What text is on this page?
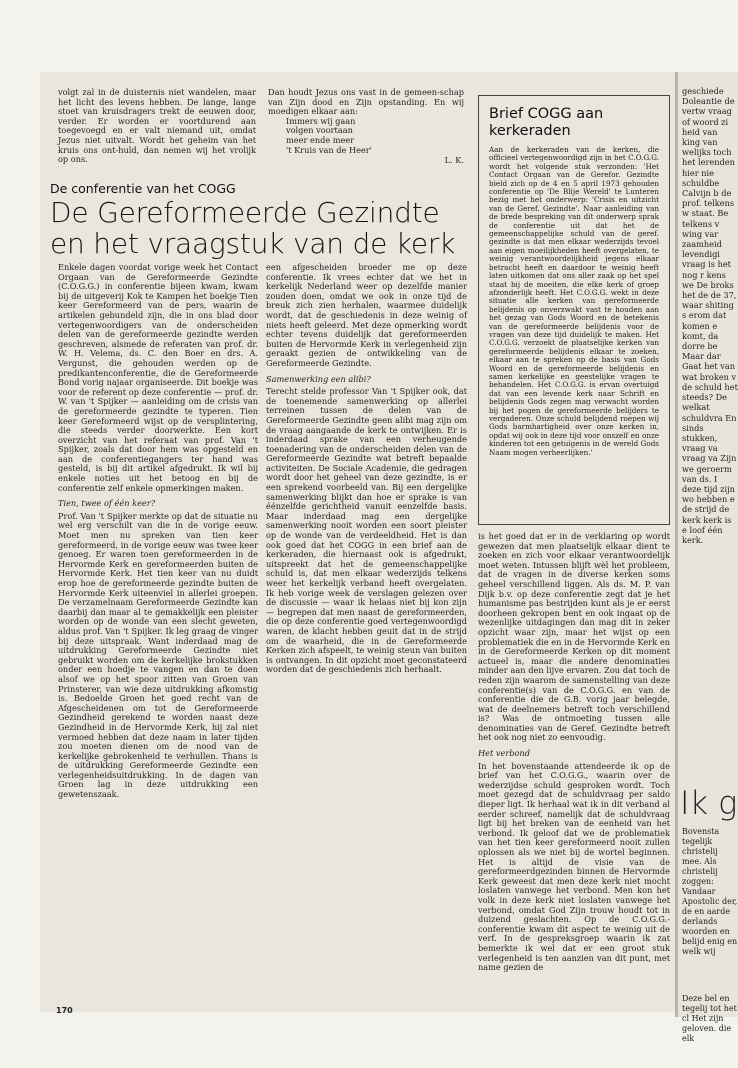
volgt zal in de duisternis niet wandelen, maar het licht des levens hebben. De lange, lange stoet van kruisdragers trekt de eeuwen door, verder. Er worden er voortdurend aan toegevoegd en er valt niemand uit, omdat Jezus niet uitvalt. Wordt het geheim van het kruis ons ont-huld, dan nemen wij het vrolijk op ons.
Dan houdt Jezus ons vast in de gemeen-schap van Zijn dood en Zijn opstanding. En wij moedigen elkaar aan:

Immers wij gaan

volgen voortaan

meer ende meer

't Kruis van de Heer'

L. K.
De conferentie van het COGG
De Gereformeerde Gezindte en het vraagstuk van de kerk
Enkele dagen voordat vorige week het Contact Orgaan van de Gereformeerde Gezindte (C.O.G.G.) in conferentie bijeen kwam, kwam bij de uitgeverij Kok te Kampen het boekje Tien keer Gereformeerd van de pers, waarin de artikelen gebundeld zijn, die in ons blad door vertegenwoordigers van de onderscheiden delen van de gereformeerde gezindte werden geschreven, alsmede de referaten van prof. dr. W. H. Velema, ds. C. den Boer en drs. A. Vergunst, die gehouden werden op de predikantenconferentie, die de Gereformeerde Bond vorig najaar organiseerde. Dit boekje was voor de referent op deze conferentie — prof. dr. W. van 't Spijker — aanleiding om de crisis van de gereformeerde gezindte te typeren. Tien keer Gereformeerd wijst op de versplintering, die steeds verder doorwerkte. Een kort overzicht van het referaat van prof. Van 't Spijker, zoals dat door hem was opgesteld en aan de conferentiegangers ter hand was gesteld, is bij dit artikel afgedrukt. Ik wil bij enkele noties uit het betoog en bij de conferentie zelf enkele opmerkingen maken.
Tien, twee of één keer?
Prof. Van 't Spijker merkte op dat de situatie nu wel erg verschilt van die in de vorige eeuw. Moet men nu spreken van tien keer gereformeerd, in de vorige eeuw was twee keer genoeg. Er waren toen gereformeerden in de Hervormde Kerk en gereformeerden buiten de Hervormde Kerk. Het tien keer van nu duidt erop hoe de gereformeerde gezindte buiten de Hervormde Kerk uiteenviel in allerlei groepen. De verzamelnaam Gereformeerde Gezindte kan daarbij dan maar al te gemakkelijk een pleister worden op de wonde van een slecht geweten, aldus prof. Van 't Spijker. Ik leg graag de vinger bij deze uitspraak. Want inderdaad mag de uitdrukking Gereformeerde Gezindte niet gebruikt worden om de kerkelijke brokstukken onder een hoedje te vangen en dan te doen alsof we op het spoor zitten van Groen van Prinsterer, van wie deze uitdrukking afkomstig is. Bedoelde Groen het goed recht van de Afgescheidenen om tot de Gereformeerde Gezindheid gerekend te worden naast deze Gezindheid in de Hervormde Kerk, hij zal niet vermoed hebben dat deze naam in later tijden zou moeten dienen om de nood van de kerkelijke gebrokenheid te verhullen. Thans is de uitdrukking Gereformeerde Gezindte een verlegenheidsuitdrukking. In de dagen van Groen lag in deze uitdrukking een gewetenszaak.
een afgescheiden broeder me op deze conferentie. Ik vrees echter dat we het in kerkelijk Nederland weer op dezelfde manier zouden doen, omdat we ook in onze tijd de breuk zich zien herhalen, waarmee duidelijk wordt, dat de geschiedenis in deze weinig of niets heeft geleerd. Met deze opmerking wordt echter tevens duidelijk dat gereformeerden buiten de Hervormde Kerk in verlegenheid zijn geraakt gezien de ontwikkeling van de Gereformeerde Gezindte.
Samenwerking een alibi?
Terecht stelde professor Van 't Spijker ook, dat de toenemende samenwerking op allerlei terreinen tussen de delen van de Gereformeerde Gezindte geen alibi mag zijn om de vraag aangaande de kerk te ontwijken. Er is inderdaad sprake van een verheugende toenadering van de onderscheiden delen van de Gereformeerde Gezindte wat betreft bepaalde activiteiten. De Sociale Academie, die gedragen wordt door het geheel van deze gezindte, is er een sprekend voorbeeld van. Bij een dergelijke samenwerking blijkt dan hoe er sprake is van éénzelfde gerichtheid vanuit eenzelfde basis. Maar inderdaad mag een dergelijke samenwerking nooit worden een soort pleister op de wonde van de verdeeldheid. Het is dan ook goed dat het COGG in een brief aan de kerkeraden, die hiernaast ook is afgedrukt, uitspreekt dat het de gemeenschappelijke schuld is, dat men elkaar wederzijds telkens weer het kerkelijk verband heeft overgelaten. Ik heb vorige week de verslagen gelezen over de discussie — waar ik helaas niet bij kon zijn — begrepen dat men naast de gereformeerden, die op deze conferentie goed vertegenwoordigd waren, de klacht hebben geuit dat in de strijd om de waarheid, die in de Gereformeerde Kerken zich afspeelt, te weinig steun van buiten is ontvangen. In dit opzicht moet geconstateerd worden dat de geschiedenis zich herhaalt.
Brief COGG aan kerkeraden
Aan de kerkeraden van de kerken, die officieel vertegenwoordigd zijn in het C.O.G.G. wordt het volgende stuk verzonden: 'Het Contact Orgaan van de Gerefor. Gezindte bield zich op de 4 en 5 april 1973 gehouden conferentie op 'De Blije Wereld' te Lunteren bezig met het onderwerp: 'Crisis en uitzicht van de Geref. Gezindte'. Naar aanleiding van de brede bespreking van dit onderwerp sprak de conferentie uit dat het de gemeenschappelijke schuld van de geref. gezindte is dat men elkaar wederzijds tevoel aan eigen moeilijkheden heeft overgelaten, te weinig verantwoordelijkheid jegens elkaar betracht heeft en daardoor te weinig heeft laten uitkomen dat ons aller zaak op het spel staat bij de moeiten, die elke kerk of groep afzonderlijk heeft. Het C.O.G.G. wekt in deze situatie alle kerken van gereformeerde belijdenis op onverzwakt vast te houden aan het gezag van Gods Woord en de betekenis van de gereformeerde belijdenis voor de vragen van deze tijd duidelijk te maken. Het C.O.G.G. verzoekt de plaatselijke kerken van gereformeerde belijdenis elkaar te zoeken, elkaar aan te spreken op de basis van Gods Woord en de gereformeerde belijdenis en samen kerkelijke en geestelijke vragen te behandelen. Het C.O.G.G. is ervan overtuigd dat van een levende kerk naar Schrift en belijdenis Gods zegen mag verwacht worden bij het pogen de gereformeerde belijders te vergaderen. Onze schuld belijdend roepen wij Gods barmhartigheid over onze kerken in, opdat wij ook in deze tijd voor onszelf en onze kinderen tot een getuigenis in de wereld Gods Naam mogen verheerlijken.'
is het goed dat er in de verklaring op wordt gewezen dat men plaatselijk elkaar dient te zoeken en zich voor elkaar verantwoordelijk moet weten. Intussen blijft wèl het probleem, dat de vragen in de diverse kerken soms geheel verschillend liggen. Als ds. M. P. van Dijk b.v. op deze conferentie zegt dat je het humanisme pas bestrijden kunt als je er eerst doorheen gekropen bent en ook ingaat op de wezenlijke uitdagingen dan mag dit in zeker opzicht waar zijn, maar het wijst op een problematiek die en in de Hervormde Kerk en in de Gereformeerde Kerken op dit moment actueel is, maar die andere denominaties minder aan den lijve ervaren. Zou dat toch de reden zijn waarom de samenstelling van deze conferentie(s) van de C.O.G.G. en van de conferentie die de G.B. vorig jaar belegde, wat de deelnemers betreft toch verschillend is? Was de ontmoeting tussen alle denominaties van de Geref. Gezindte betreft het ook nog niet zo eenvoudig.
Het verbond
In het bovenstaande attendeerde ik op de brief van het C.O.G.G., waarin over de wederzijdse schuld gesproken wordt. Toch moet gezegd dat de schuldvraag per saldo dieper ligt. Ik herhaal wat ik in dit verband al eerder schreef, namelijk dat de schuldvraag ligt bij het breken van de eenheid van het verbond. Ik geloof dat we de problematiek van het tien keer gereformeerd nooit zullen oplossen als we niet bij de wortel beginnen. Het is altijd de visie van de gereformeerdgezinden binnen de Hervormde Kerk geweest dat men deze kerk niet mocht loslaten vanwege het verbond. Men kon het volk in deze kerk niet loslaten vanwege het verbond, omdat God Zijn trouw houdt tot in duizend geslachten. Op de C.O.G.G.-conferentie kwam dit aspect te weinig uit de verf. In de gespreksgroep waarin ik zat bemerkte ik wel dat er een groot stuk verlegenheid is ten aanzien van dit punt, met name gezien de
170
geschiede Doleantie de vertw vraag of woord zi heid van king van welijks toch het lerenden hier nie schuldbe Calvijn b de prof. telkens w staat. Be telkens v wing var zaamheid levendigi vraag is het nog r kens we De broks het de de 37, waar shiting s erom dat komen e komt, da dorre be Maar dar Gaat het van wat broken v de schuld het steeds? De welkat schuldvra En sinds stukken, vraag va vraag va Zijn we geroerm van ds. I deze tijd zijn wo hebben e de strijd de kerk kerk is e loof één kerk.
Ik g
Bovensta tegelijk christelij mee. Als christelij zoggen: Vandaar Apostolic der, de en aarde derlands woorden en belijd enig en welk wij
Deze bel en tegelij tot het cl Het zijn geloven. die elk
